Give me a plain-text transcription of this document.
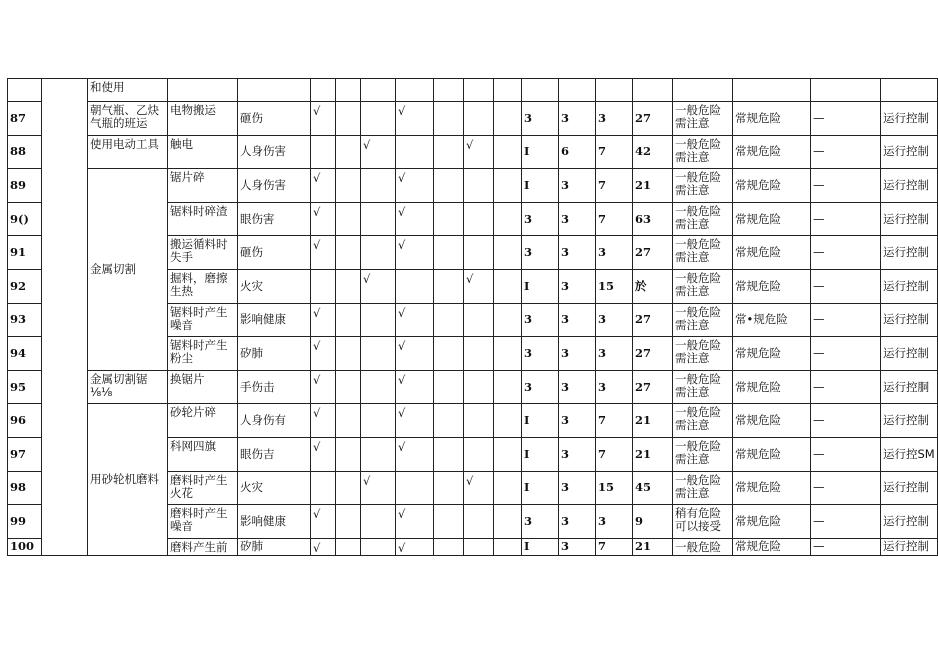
		和使用																	

87		朝气瓶、乙炔气瓶的班运	电物搬运	砸伤	√			√				3	3	3	27	一般危险需注意	常规危险	—	运行控制

88		使用电动工具	触电	人身伤害			√			√		I	6	7	42	一般危险需注意	常规危险	—	运行控制

89		金属切割	锯片碎	人身伤害	√			√				I	3	7	21	一般危险需注意	常规危险	—	运行控制

9()			锯料时碎渣	眼伤害	√			√				3	3	7	63	一般危险需注意	常规危险	—	运行控制

91			搬运循料时失手	砸伤	√			√				3	3	3	27	一般危险需注意	常规危险	—	运行控制

92			掘料，磨擦生热	火灾			√			√		I	3	15	於	一般危险需注意	常规危险	—	运行控制

93			锯料时产生噪音	影响健康	√			√				3	3	3	27	一般危险需注意	常•规危险	—	运行控制

94			锯料时产生粉尘	矽肺	√			√				3	3	3	27	一般危险需注意	常规危险	—	运行控制

95		金属切割锯⅛⅛	换锯片	手伤击	√			√				3	3	3	27	一般危险需注意	常规危险	—	运行控胴

96		用砂轮机磨料	砂轮片碎	人身伤有	√			√				I	3	7	21	一般危险需注意	常规危险	—	运行控制

97			科网四旗	眼伤吉	√			√				I	3	7	21	一般危险需注意	常规危险	—	运行控SM

98			磨料时产生火花	火灾			√			√		I	3	15	45	一般危险需注意	常规危险	—	运行控制

99			磨料时产生噪音	影响健康	√			√				3	3	3	9	稍有危险可以接受	常规危险	—	运行控制

100			磨料产生前	矽肺	√			√				I	3	7	21	一般危险	常规危险	—	运行控制
